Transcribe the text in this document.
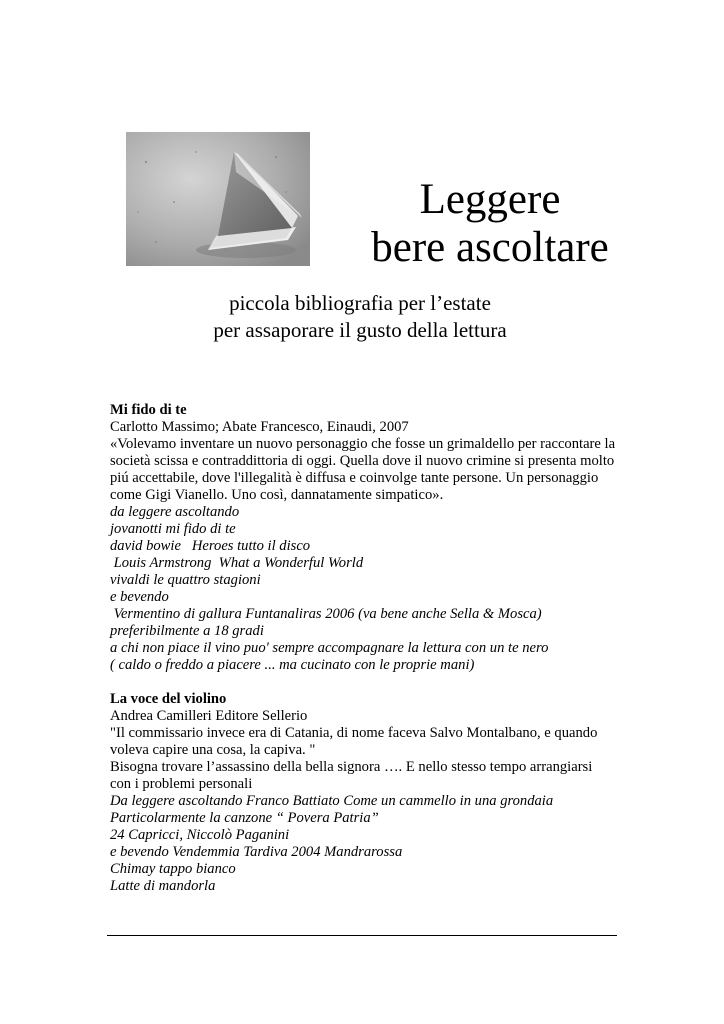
Leggere
bere ascoltare
piccola bibliografia per l’estate
per assaporare il gusto della lettura
Mi fido di te
Carlotto Massimo; Abate Francesco, Einaudi, 2007
«Volevamo inventare un nuovo personaggio che fosse un grimaldello per raccontare la società scissa e contraddittoria di oggi. Quella dove il nuovo crimine si presenta molto piú accettabile, dove l'illegalità è diffusa e coinvolge tante persone. Un personaggio come Gigi Vianello. Uno così, dannatamente simpatico».
da leggere ascoltando
jovanotti mi fido di te
david bowie   Heroes tutto il disco
Louis Armstrong  What a Wonderful World
vivaldi le quattro stagioni
e bevendo
Vermentino di gallura Funtanaliras 2006 (va bene anche Sella & Mosca)
preferibilmente a 18 gradi
a chi non piace il vino puo' sempre accompagnare la lettura con un te nero
( caldo o freddo a piacere ... ma cucinato con le proprie mani)
La voce del violino
Andrea Camilleri Editore Sellerio
"Il commissario invece era di Catania, di nome faceva Salvo Montalbano, e quando
voleva capire una cosa, la capiva. "
Bisogna trovare l’assassino della bella signora …. E nello stesso tempo arrangiarsi
con i problemi personali
Da leggere ascoltando Franco Battiato Come un cammello in una grondaia
Particolarmente la canzone “ Povera Patria”
24 Capricci, Niccolò Paganini
e bevendo Vendemmia Tardiva 2004 Mandrarossa
Chimay tappo bianco
Latte di mandorla
